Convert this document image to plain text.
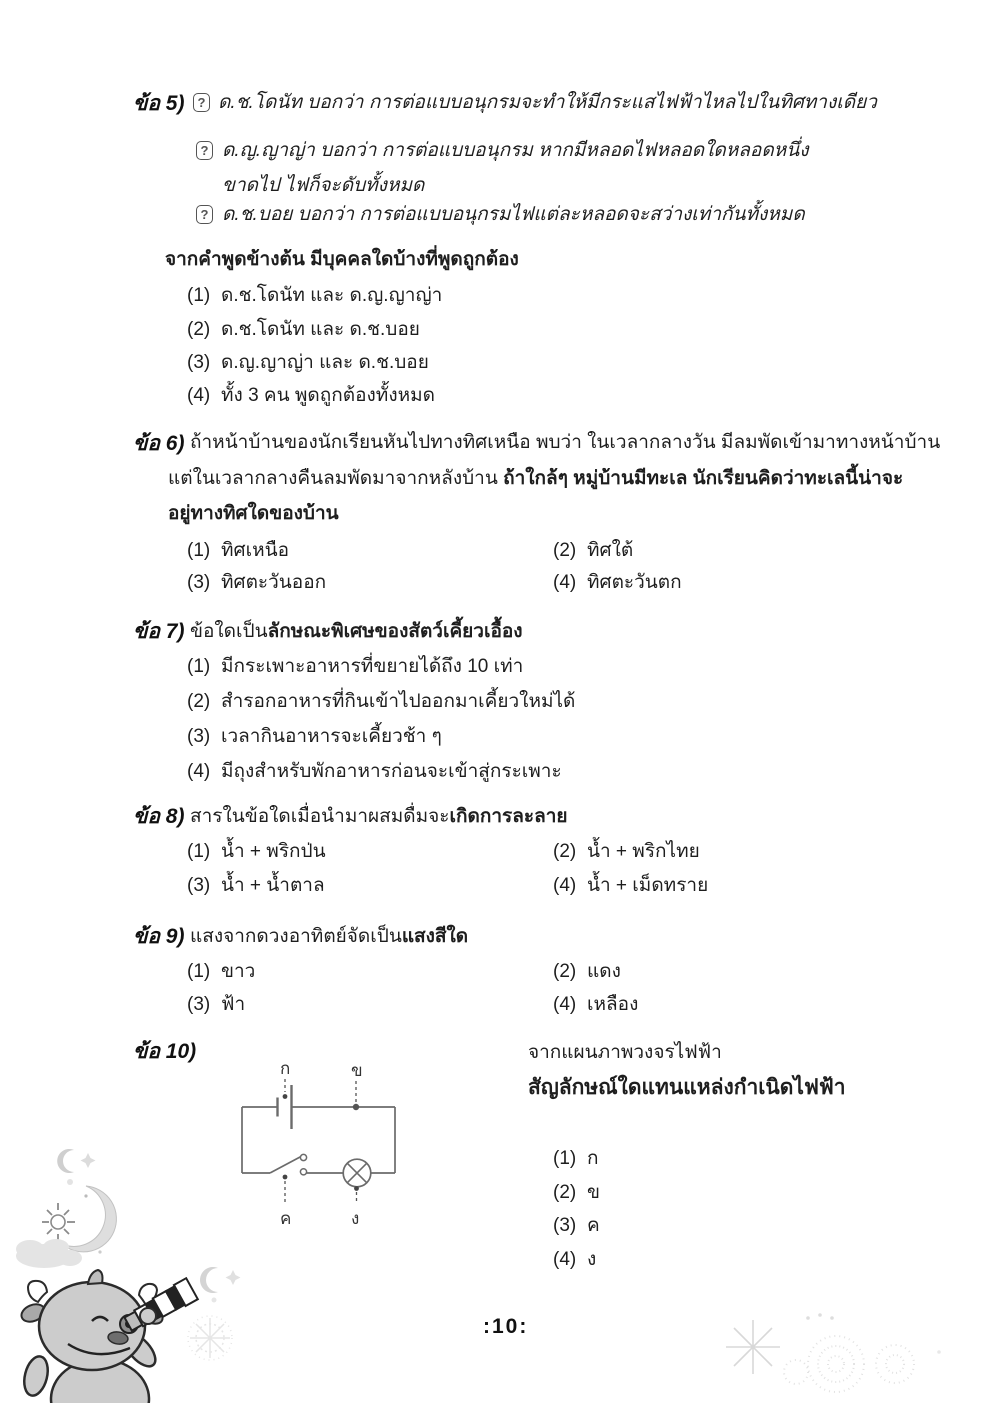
ข้อ 5) ? ด.ช.โดนัท บอกว่า การต่อแบบอนุกรมจะทำให้มีกระแสไฟฟ้าไหลไปในทิศทางเดียว
? ด.ญ.ญาญ่า บอกว่า การต่อแบบอนุกรม หากมีหลอดไฟหลอดใดหลอดหนึ่ง
ขาดไป ไฟก็จะดับทั้งหมด
? ด.ช.บอย บอกว่า การต่อแบบอนุกรมไฟแต่ละหลอดจะสว่างเท่ากันทั้งหมด
จากคำพูดข้างต้น มีบุคคลใดบ้างที่พูดถูกต้อง
(1) ด.ช.โดนัท และ ด.ญ.ญาญ่า
(2) ด.ช.โดนัท และ ด.ช.บอย
(3) ด.ญ.ญาญ่า และ ด.ช.บอย
(4) ทั้ง 3 คน พูดถูกต้องทั้งหมด
ข้อ 6) ถ้าหน้าบ้านของนักเรียนหันไปทางทิศเหนือ พบว่า ในเวลากลางวัน มีลมพัดเข้ามาทางหน้าบ้าน
แต่ในเวลากลางคืนลมพัดมาจากหลังบ้าน ถ้าใกล้ๆ หมู่บ้านมีทะเล นักเรียนคิดว่าทะเลนี้น่าจะ
อยู่ทางทิศใดของบ้าน
(1) ทิศเหนือ	(2) ทิศใต้
(3) ทิศตะวันออก	(4) ทิศตะวันตก
ข้อ 7) ข้อใดเป็นลักษณะพิเศษของสัตว์เคี้ยวเอื้อง
(1) มีกระเพาะอาหารที่ขยายได้ถึง 10 เท่า
(2) สำรอกอาหารที่กินเข้าไปออกมาเคี้ยวใหม่ได้
(3) เวลากินอาหารจะเคี้ยวช้า ๆ
(4) มีถุงสำหรับพักอาหารก่อนจะเข้าสู่กระเพาะ
ข้อ 8) สารในข้อใดเมื่อนำมาผสมดื่มจะเกิดการละลาย
(1) น้ำ + พริกป่น	(2) น้ำ + พริกไทย
(3) น้ำ + น้ำตาล	(4) น้ำ + เม็ดทราย
ข้อ 9) แสงจากดวงอาทิตย์จัดเป็นแสงสีใด
(1) ขาว	(2) แดง
(3) ฟ้า	(4) เหลือง
ข้อ 10)
ก	ข
ค	ง
จากแผนภาพวงจรไฟฟ้า
สัญลักษณ์ใดแทนแหล่งกำเนิดไฟฟ้า
(1) ก
(2) ข
(3) ค
(4) ง
:10:
